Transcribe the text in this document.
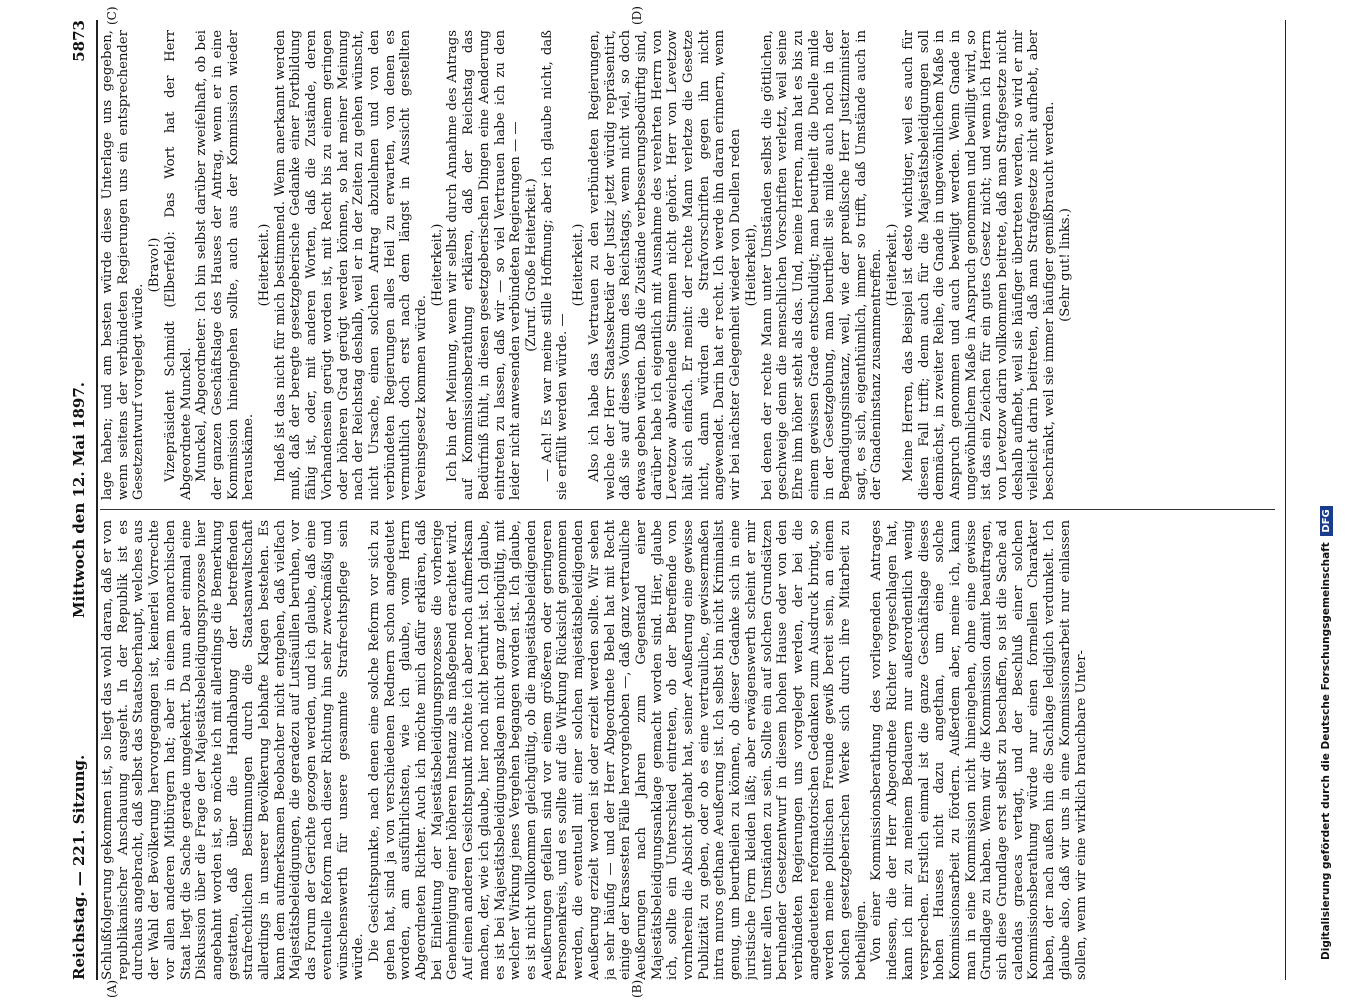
Reichstag. — 221. Sitzung.
Mittwoch den 12. Mai 1897.
5873
(A)	(B)
(C)	(D)

Schlußfolgerung gekommen ist, so liegt das wohl daran, daß er von republikanischer Anschauung ausgeht. In der Republik ist es durchaus angebracht, daß selbst das Staatsoberhaupt, welches aus der Wahl der Bevölkerung hervorgegangen ist, keinerlei Vorrechte vor allen anderen Mitbürgern hat; aber in einem monarchischen Staat liegt die Sache gerade umgekehrt. Da nun aber einmal eine Diskussion über die Frage der Majestätsbeleidigungsprozesse hier angebahnt worden ist, so möchte ich mit allerdings die Bemerkung gestatten, daß über die Handhabung der betreffenden strafrechtlichen Bestimmungen durch die Staatsanwaltschaft allerdings in unserer Bevölkerung lebhafte Klagen bestehen. Es kann dem aufmerksamen Beobachter nicht entgehen, daß vielfach Majestätsbeleidigungen, die geradezu auf Lutsäuillen beruhen, vor das Forum der Gerichte gezogen werden, und ich glaube, daß eine eventuelle Reform nach dieser Richtung hin sehr zweckmäßig und wünschenswerth für unsere gesammte Strafrechtspflege sein würde. Die Gesichtspunkte, nach denen eine solche Reform vor sich zu gehen hat, sind ja von verschiedenen Rednern schon angedeutet worden, am ausführlichsten, wie ich glaube, vom Herrn Abgeordneten Richter. Auch ich möchte mich dafür erklären, daß bei Einleitung der Majestätsbeleidigungsprozesse die vorherige Genehmigung einer höheren Instanz als maßgebend erachtet wird. Auf einen anderen Gesichtspunkt möchte ich aber noch aufmerksam machen, der, wie ich glaube, hier noch nicht berührt ist. Ich glaube, es ist bei Majestätsbeleidigungsklagen nicht ganz gleichgültig, mit welcher Wirkung jenes Vergehen begangen worden ist. Ich glaube, es ist nicht vollkommen gleichgültig, ob die majestätsbeleidigenden Aeußerungen gefallen sind vor einem größeren oder geringeren Personenkreis, und es sollte auf die Wirkung Rücksicht genommen werden, die eventuell mit einer solchen majestätsbeleidigenden Aeußerung erzielt worden ist oder erzielt werden sollte. Wir sehen ja sehr häufig — und der Herr Abgeordnete Bebel hat mit Recht einige der krassesten Fälle hervorgehoben —, daß ganz vertrauliche Aeußerungen nach Jahren zum Gegenstand einer Majestätsbeleidigungsanklage gemacht worden sind. Hier, glaube ich, sollte ein Unterschied eintreten, ob der Betreffende von vornherein die Absicht gehabt hat, seiner Aeußerung eine gewisse Publizität zu geben, oder ob es eine vertrauliche, gewissermaßen intra muros gethane Aeußerung ist. Ich selbst bin nicht Kriminalist genug, um beurtheilen zu können, ob dieser Gedanke sich in eine juristische Form kleiden läßt; aber erwägenswerth scheint er mir unter allen Umständen zu sein. Sollte ein auf solchen Grundsätzen beruhender Gesetzentwurf in diesem hohen Hause oder von den verbündeten Regierungen uns vorgelegt werden, der bei die angedeuteten reformatorischen Gedanken zum Ausdruck bringt, so werden meine politischen Freunde gewiß bereit sein, an einem solchen gesetzgeberischen Werke sich durch ihre Mitarbeit zu betheiligen. Von einer Kommissionsberathung des vorliegenden Antrages indessen, die der Herr Abgeordnete Richter vorgeschlagen hat, kann ich mir zu meinem Bedauern nur außerordentlich wenig versprechen. Erstlich einmal ist die ganze Geschäftslage dieses hohen Hauses nicht dazu angethan, um eine solche Kommissionsarbeit zu fördern. Außerdem aber, meine ich, kann man in eine Kommission nicht hineingehen, ohne eine gewisse Grundlage zu haben. Wenn wir die Kommission damit beauftragen, sich diese Grundlage erst selbst zu beschaffen, so ist die Sache ad calendas graecas vertagt, und der Beschluß einer solchen Kommissionsberathung würde nur einen formellen Charakter haben, der nach außen hin die Sachlage lediglich verdunkelt. Ich glaube also, daß wir uns in eine Kommissionsarbeit nur einlassen sollen, wenn wir eine wirklich brauchbare Unter-

lage haben; und am besten würde diese Unterlage uns gegeben, wenn seitens der verbündeten Regierungen uns ein entsprechender Gesetzentwurf vorgelegt würde.

(Bravo!) Vizepräsident Schmidt (Elberfeld): Das Wort hat der Herr Abgeordnete Munckel. Munckel, Abgeordneter: Ich bin selbst darüber zweifelhaft, ob bei der ganzen Geschäftslage des Hauses der Antrag, wenn er in eine Kommission hineingehen sollte, auch aus der Kommission wieder herauskäme.

(Heiterkeit.) Indeß ist das nicht für mich bestimmend. Wenn anerkannt werden muß, daß der beregte gesetzgeberische Gedanke einer Fortbildung fähig ist, oder, mit anderen Worten, daß die Zustände, deren Vorhandensein gerügt worden ist, mit Recht bis zu einem geringen oder höheren Grad gerügt werden können, so hat meiner Meinung nach der Reichstag deshalb, weil er in der Zeiten zu gehen wünscht, nicht Ursache, einen solchen Antrag abzulehnen und von den verbündeten Regierungen alles Heil zu erwarten, von denen es vermuthlich doch erst nach dem längst in Aussicht gestellten Vereinsgesetz kommen würde.

(Heiterkeit.) Ich bin der Meinung, wenn wir selbst durch Annahme des Antrags auf Kommissionsberathung erklären, daß der Reichstag das Bedürfniß fühlt, in diesen gesetzgeberischen Dingen eine Aenderung eintreten zu lassen, daß wir — so viel Vertrauen habe ich zu den leider nicht anwesenden verbündeten Regierungen — — (Zuruf. Große Heiterkeit.) — Ach! Es war meine stille Hoffnung; aber ich glaube nicht, daß sie erfüllt werden würde. —

(Heiterkeit.) Also ich habe das Vertrauen zu den verbündeten Regierungen, welche der Herr Staatssekretär der Justiz jetzt würdig repräsentirt, daß sie auf dieses Votum des Reichstags, wenn nicht viel, so doch etwas geben würden. Daß die Zustände verbesserungsbedürftig sind, darüber habe ich eigentlich mit Ausnahme des verehrten Herrn von Levetzow abweichende Stimmen nicht gehört. Herr von Levetzow hält sich einfach. Er meint: der rechte Mann verletze die Gesetze nicht, dann würden die Strafvorschriften gegen ihn nicht angewendet. Darin hat er recht. Ich werde ihn daran erinnern, wenn wir bei nächster Gelegenheit wieder von Duellen reden (Heiterkeit), bei denen der rechte Mann unter Umständen selbst die göttlichen, geschweige denn die menschlichen Vorschriften verletzt, weil seine Ehre ihm höher steht als das. Und, meine Herren, man hat es bis zu einem gewissen Grade entschuldigt; man beurtheilt die Duelle milde in der Gesetzgebung, man beurtheilt sie milde auch noch in der Begnadigungsinstanz, weil, wie der preußische Herr Justizminister sagt, es sich, eigenthümlich, immer so trifft, daß Umstände auch in der Gnadeninstanz zusammentreffen. (Heiterkeit.) Meine Herren, das Beispiel ist desto wichtiger, weil es auch für diesen Fall trifft; denn auch für die Majestätsbeleidigungen soll demnächst, in zweiter Reihe, die Gnade in ungewöhnlichem Maße in Anspruch genommen und auch bewilligt werden. Wenn Gnade in ungewöhnlichem Maße in Anspruch genommen und bewilligt wird, so ist das ein Zeichen für ein gutes Gesetz nicht; und wenn ich Herrn von Levetzow darin vollkommen beitrete, daß man Strafgesetze nicht deshalb aufhebt, weil sie häufiger übertreten werden, so wird er mir vielleicht darin beitreten, daß man Strafgesetze nicht aufhebt, aber beschränkt, weil sie immer häufiger gemißbraucht werden. (Sehr gut! links.)

Digitalisierung gefördert durch die Deutsche Forschungsgemeinschaft DFG
